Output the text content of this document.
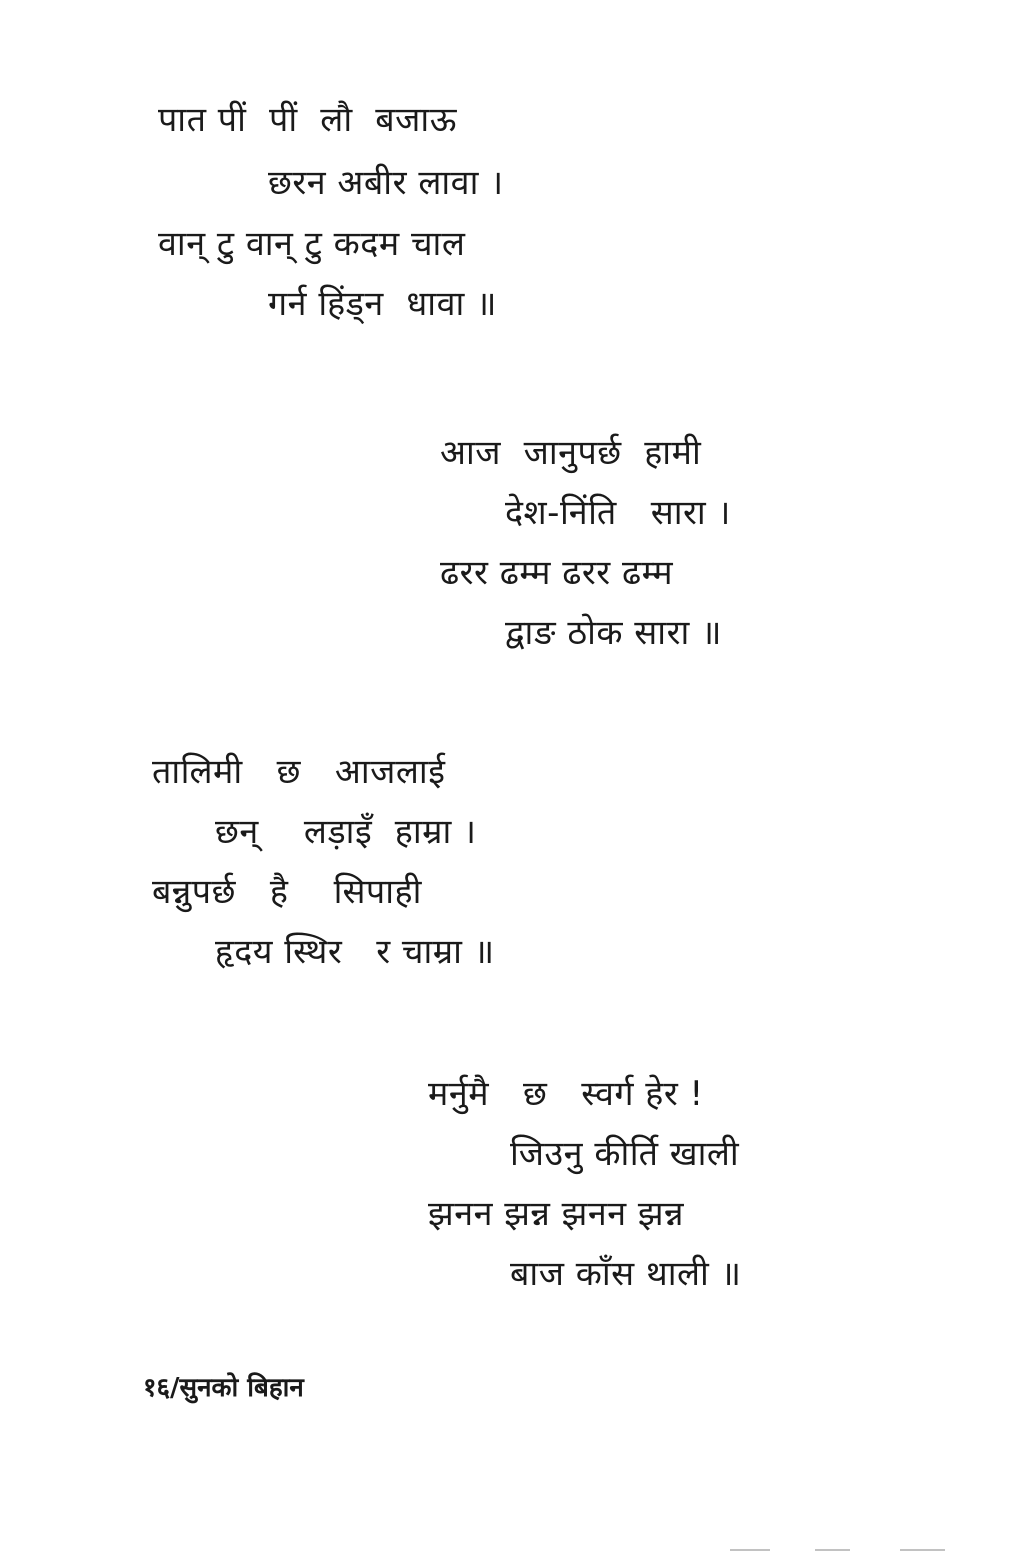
पात पीं  पीं  लौ  बजाऊ
छरन अबीर लावा ।
वान् टु वान् टु कदम चाल
गर्न हिंड्न  धावा ॥
आज  जानुपर्छ  हामी
देश-निंति   सारा ।
ढरर ढम्म ढरर ढम्म
द्वाङ ठोक सारा ॥
तालिमी   छ   आजलाई
छन्    लड़ाइँ  हाम्रा ।
बन्नुपर्छ   है    सिपाही
हृदय स्थिर   र चाम्रा ॥
मर्नुमै   छ   स्वर्ग हेर !
जिउनु कीर्ति खाली
झनन झन्न झनन झन्न
बाज काँस थाली ॥
१६/सुनको बिहान
